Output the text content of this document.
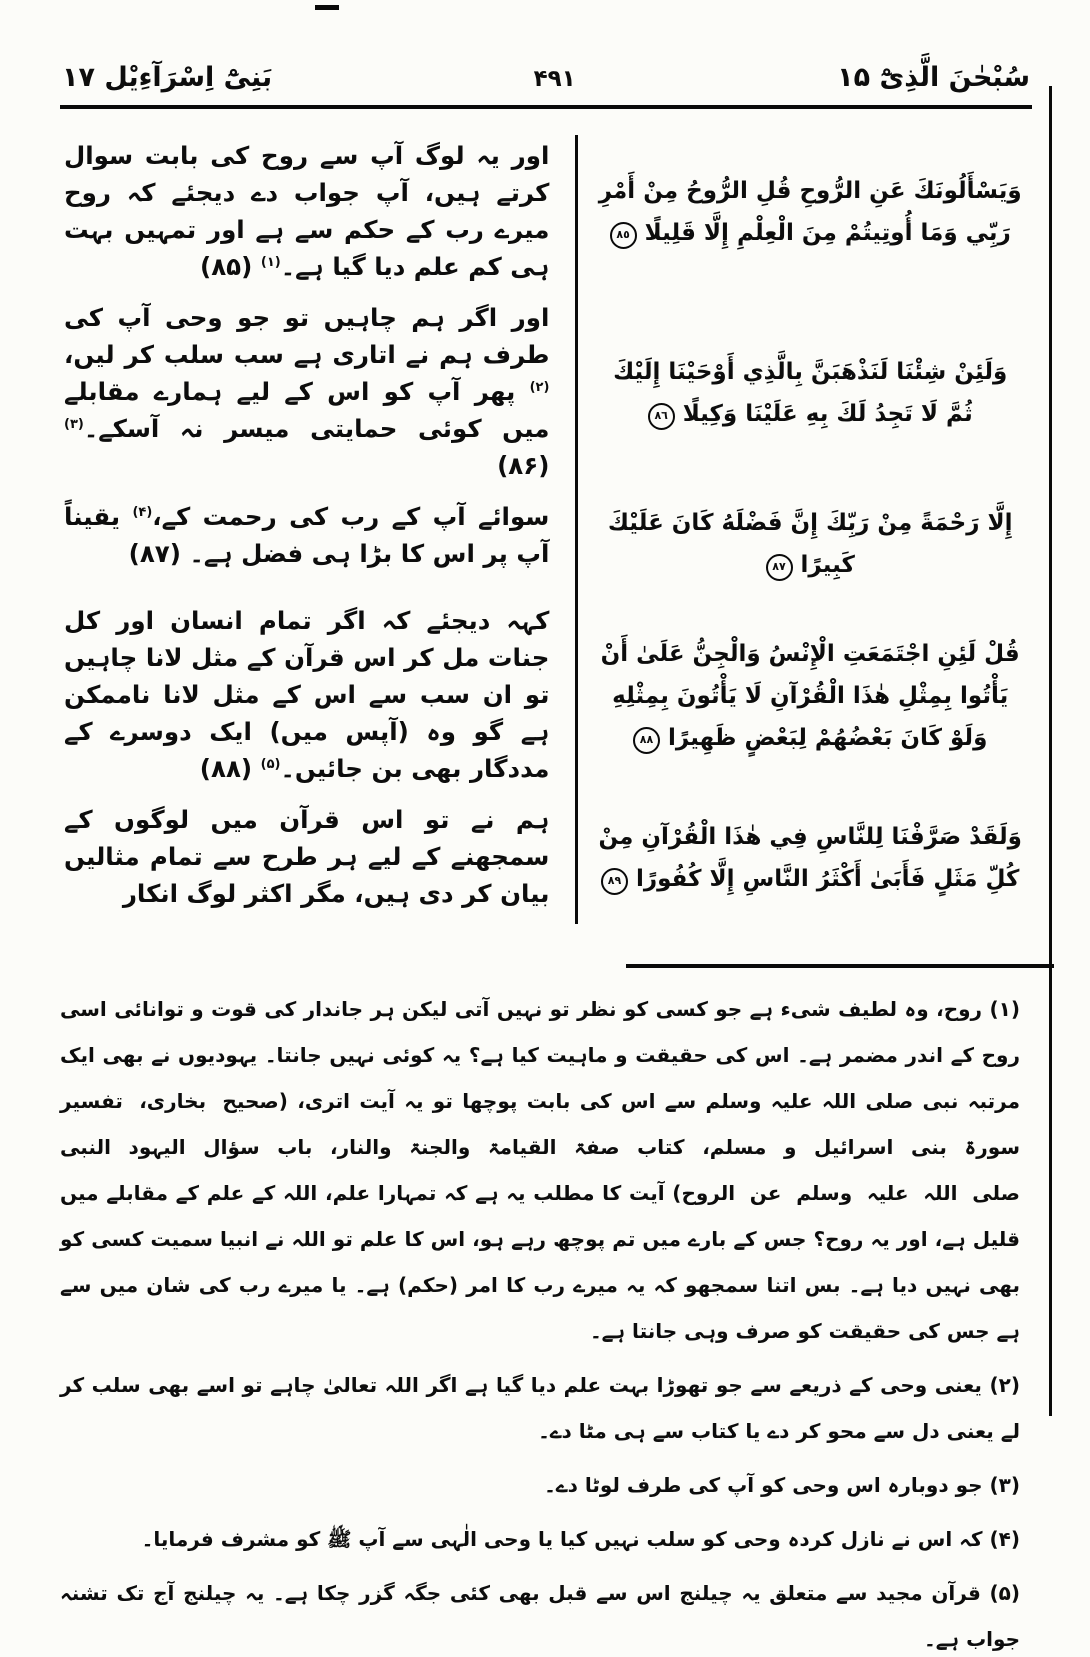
سُبْحٰنَ الَّذِیْٓ ۱۵
۴۹۱
بَنِیْٓ اِسْرَآءِیْل ۱۷
وَيَسْأَلُونَكَ عَنِ الرُّوحِ قُلِ الرُّوحُ مِنْ أَمْرِ رَبِّي وَمَا أُوتِيتُمْ مِنَ الْعِلْمِ إِلَّا قَلِيلًا ٨٥
اور یہ لوگ آپ سے روح کی بابت سوال کرتے ہیں، آپ جواب دے دیجئے کہ روح میرے رب کے حکم سے ہے اور تمہیں بہت ہی کم علم دیا گیا ہے۔$^{(۱)}$ (۸۵)
وَلَئِنْ شِئْنَا لَنَذْهَبَنَّ بِالَّذِي أَوْحَيْنَا إِلَيْكَ ثُمَّ لَا تَجِدُ لَكَ بِهِ عَلَيْنَا وَكِيلًا ٨٦
اور اگر ہم چاہیں تو جو وحی آپ کی طرف ہم نے اتاری ہے سب سلب کر لیں،$^{(۲)}$ پھر آپ کو اس کے لیے ہمارے مقابلے میں کوئی حمایتی میسر نہ آسکے۔$^{(۳)}$ (۸۶)
إِلَّا رَحْمَةً مِنْ رَبِّكَ إِنَّ فَضْلَهُ كَانَ عَلَيْكَ كَبِيرًا ٨٧
سوائے آپ کے رب کی رحمت کے،$^{(۴)}$ یقیناً آپ پر اس کا بڑا ہی فضل ہے۔ (۸۷)
قُلْ لَئِنِ اجْتَمَعَتِ الْإِنْسُ وَالْجِنُّ عَلَىٰ أَنْ يَأْتُوا بِمِثْلِ هٰذَا الْقُرْآنِ لَا يَأْتُونَ بِمِثْلِهِ وَلَوْ كَانَ بَعْضُهُمْ لِبَعْضٍ ظَهِيرًا ٨٨
کہہ دیجئے کہ اگر تمام انسان اور کل جنات مل کر اس قرآن کے مثل لانا چاہیں تو ان سب سے اس کے مثل لانا ناممکن ہے گو وہ (آپس میں) ایک دوسرے کے مددگار بھی بن جائیں۔$^{(۵)}$ (۸۸)
وَلَقَدْ صَرَّفْنَا لِلنَّاسِ فِي هٰذَا الْقُرْآنِ مِنْ كُلِّ مَثَلٍ فَأَبَىٰ أَكْثَرُ النَّاسِ إِلَّا كُفُورًا ٨٩
ہم نے تو اس قرآن میں لوگوں کے سمجھنے کے لیے ہر طرح سے تمام مثالیں بیان کر دی ہیں، مگر اکثر لوگ انکار

(۱) روح، وہ لطیف شیء ہے جو کسی کو نظر تو نہیں آتی لیکن ہر جاندار کی قوت و توانائی اسی روح کے اندر مضمر ہے۔ اس کی حقیقت و ماہیت کیا ہے؟ یہ کوئی نہیں جانتا۔ یہودیوں نے بھی ایک مرتبہ نبی صلی اللہ علیہ وسلم سے اس کی بابت پوچھا تو یہ آیت اتری، (صحیح بخاری، تفسیر سورۃ بنی اسرائیل و مسلم، کتاب صفۃ القیامۃ والجنۃ والنار، باب سؤال الیہود النبی صلی اللہ علیہ وسلم عن الروح) آیت کا مطلب یہ ہے کہ تمہارا علم، اللہ کے علم کے مقابلے میں قلیل ہے، اور یہ روح؟ جس کے بارے میں تم پوچھ رہے ہو، اس کا علم تو اللہ نے انبیا سمیت کسی کو بھی نہیں دیا ہے۔ بس اتنا سمجھو کہ یہ میرے رب کا امر (حکم) ہے۔ یا میرے رب کی شان میں سے ہے جس کی حقیقت کو صرف وہی جانتا ہے۔

(۲) یعنی وحی کے ذریعے سے جو تھوڑا بہت علم دیا گیا ہے اگر اللہ تعالیٰ چاہے تو اسے بھی سلب کر لے یعنی دل سے محو کر دے یا کتاب سے ہی مٹا دے۔

(۳) جو دوبارہ اس وحی کو آپ کی طرف لوٹا دے۔

(۴) کہ اس نے نازل کردہ وحی کو سلب نہیں کیا یا وحی الٰہی سے آپ ﷺ کو مشرف فرمایا۔

(۵) قرآن مجید سے متعلق یہ چیلنج اس سے قبل بھی کئی جگہ گزر چکا ہے۔ یہ چیلنج آج تک تشنہ جواب ہے۔
